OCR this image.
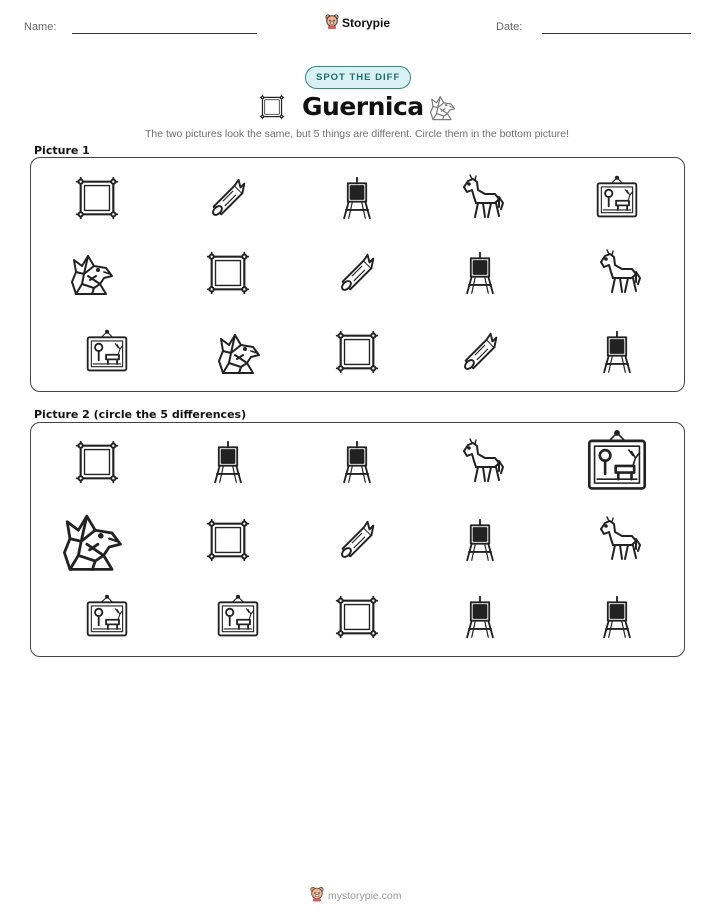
Name:	Storypie	Date:
SPOT THE DIFF
Guernica
The two pictures look the same, but 5 things are different. Circle them in the bottom picture!
Picture 1
Picture 2 (circle the 5 differences)
mystorypie.com
